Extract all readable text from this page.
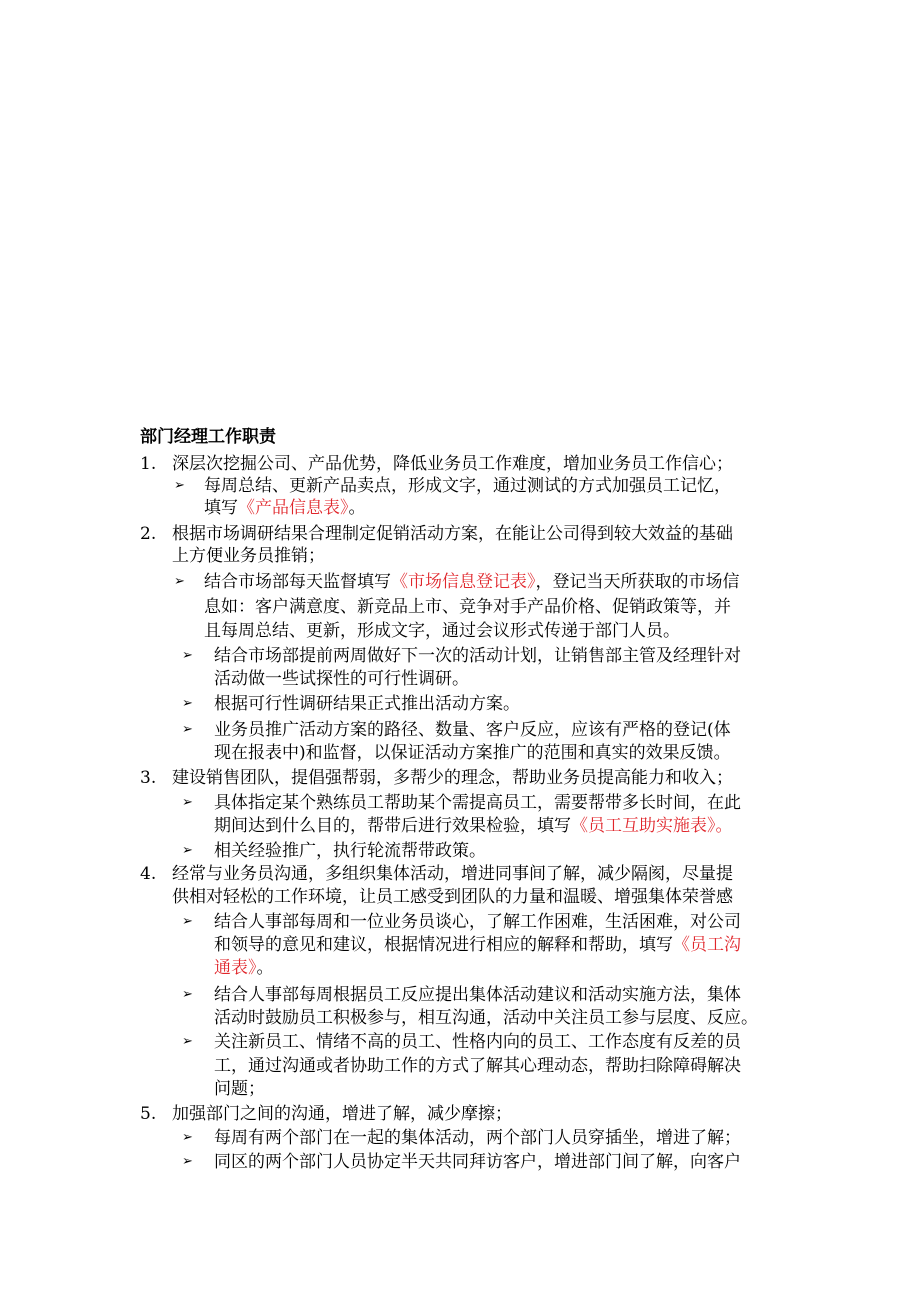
部门经理工作职责
1. 深层次挖掘公司、产品优势，降低业务员工作难度，增加业务员工作信心；
➢ 每周总结、更新产品卖点，形成文字，通过测试的方式加强员工记忆，
填写《产品信息表》。
2. 根据市场调研结果合理制定促销活动方案，在能让公司得到较大效益的基础
上方便业务员推销；
➢ 结合市场部每天监督填写《市场信息登记表》，登记当天所获取的市场信
息如：客户满意度、新竞品上市、竞争对手产品价格、促销政策等，并
且每周总结、更新，形成文字，通过会议形式传递于部门人员。
➢ 结合市场部提前两周做好下一次的活动计划，让销售部主管及经理针对
活动做一些试探性的可行性调研。
➢ 根据可行性调研结果正式推出活动方案。
➢ 业务员推广活动方案的路径、数量、客户反应，应该有严格的登记(体
现在报表中)和监督，以保证活动方案推广的范围和真实的效果反馈。
3. 建设销售团队，提倡强帮弱，多帮少的理念，帮助业务员提高能力和收入；
➢ 具体指定某个熟练员工帮助某个需提高员工，需要帮带多长时间，在此
期间达到什么目的，帮带后进行效果检验，填写《员工互助实施表》。
➢ 相关经验推广，执行轮流帮带政策。
4. 经常与业务员沟通，多组织集体活动，增进同事间了解，减少隔阂，尽量提
供相对轻松的工作环境，让员工感受到团队的力量和温暖、增强集体荣誉感
➢ 结合人事部每周和一位业务员谈心，了解工作困难，生活困难，对公司
和领导的意见和建议，根据情况进行相应的解释和帮助，填写《员工沟
通表》。
➢ 结合人事部每周根据员工反应提出集体活动建议和活动实施方法，集体
活动时鼓励员工积极参与，相互沟通，活动中关注员工参与层度、反应。
➢ 关注新员工、情绪不高的员工、性格内向的员工、工作态度有反差的员
工，通过沟通或者协助工作的方式了解其心理动态，帮助扫除障碍解决
问题；
5. 加强部门之间的沟通，增进了解，减少摩擦；
➢ 每周有两个部门在一起的集体活动，两个部门人员穿插坐，增进了解；
➢ 同区的两个部门人员协定半天共同拜访客户，增进部门间了解，向客户
